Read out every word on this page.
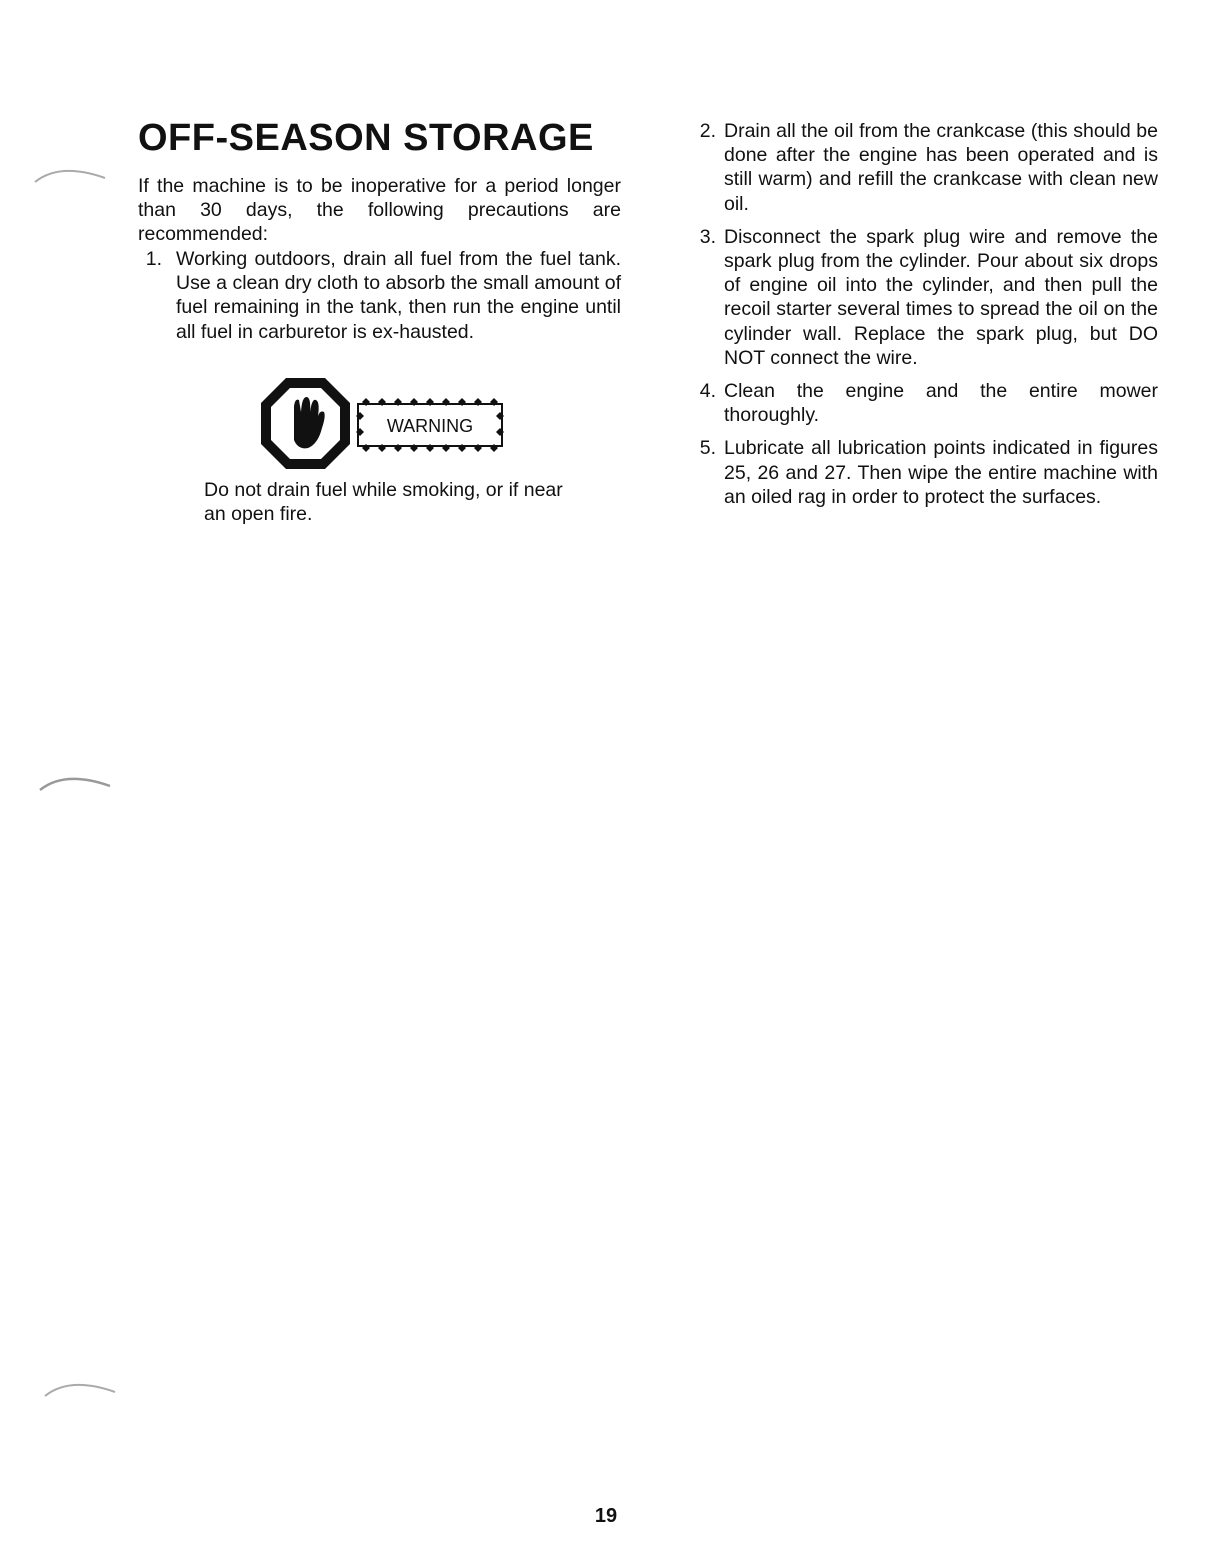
OFF-SEASON STORAGE

If the machine is to be inoperative for a period longer than 30 days, the following precautions are recommended:

1. Working outdoors, drain all fuel from the fuel tank. Use a clean dry cloth to absorb the small amount of fuel remaining in the tank, then run the engine until all fuel in carburetor is ex-hausted.
WARNING

Do not drain fuel while smoking, or if near an open fire.

2. Drain all the oil from the crankcase (this should be done after the engine has been operated and is still warm) and refill the crankcase with clean new oil.
3. Disconnect the spark plug wire and remove the spark plug from the cylinder. Pour about six drops of engine oil into the cylinder, and then pull the recoil starter several times to spread the oil on the cylinder wall. Replace the spark plug, but DO NOT connect the wire.
4. Clean the engine and the entire mower thoroughly.
5. Lubricate all lubrication points indicated in figures 25, 26 and 27. Then wipe the entire machine with an oiled rag in order to protect the surfaces.
19
